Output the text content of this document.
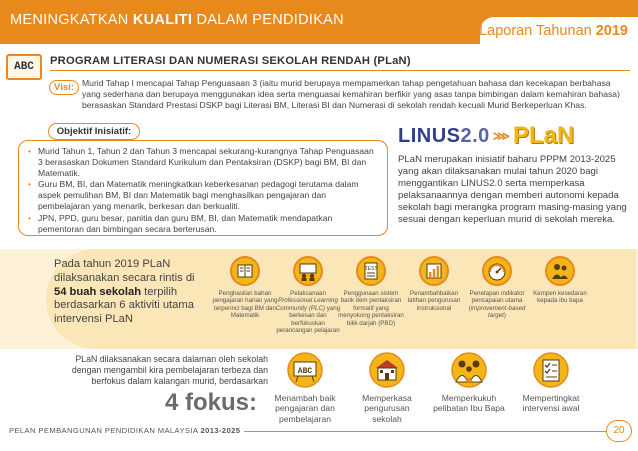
MENINGKATKAN KUALITI DALAM PENDIDIKAN
Laporan Tahunan 2019
ABC	PROGRAM LITERASI DAN NUMERASI SEKOLAH RENDAH (PLaN)
Visi: Murid Tahap I mencapai Tahap Penguasaan 3 (iaitu murid berupaya mempamerkan tahap pengetahuan bahasa dan kecekapan berbahasa yang sederhana dan berupaya menggunakan idea serta menguasai kemahiran berfikir yang asas tanpa bimbingan dalam kemahiran bahasa) berasaskan Standard Prestasi DSKP bagi Literasi BM, Literasi BI dan Numerasi di sekolah rendah kecuali Murid Berkeperluan Khas.
Objektif Inisiatif:
• Murid Tahun 1, Tahun 2 dan Tahun 3 mencapai sekurang-kurangnya Tahap Penguasaan 3 berasaskan Dokumen Standard Kurikulum dan Pentaksiran (DSKP) bagi BM, BI dan Matematik.
• Guru BM, BI, dan Matematik meningkatkan keberkesanan pedagogi terutama dalam aspek pemulihan BM, BI dan Matematik bagi menghasilkan pengajaran dan pembelajaran yang menarik, berkesan dan berkualiti.
• JPN, PPD, guru besar, panitia dan guru BM, BI, dan Matematik mendapatkan pementoran dan bimbingan secara berterusan.
LINUS2.0 ⋙ PLaN
PLaN merupakan inisiatif baharu PPPM 2013-2025 yang akan dilaksanakan mulai tahun 2020 bagi menggantikan LINUS2.0 serta memperkasa pelaksanaannya dengan memberi autonomi kepada sekolah bagi merangka program masing-masing yang sesuai dengan keperluan murid di sekolah mereka.
Pada tahun 2019 PLaN dilaksanakan secara rintis di 54 buah sekolah terpilih berdasarkan 6 aktiviti utama intervensi PLaN
Penghasilan bahan pengajaran harian yang terperinci bagi BM dan Matematik
Pelaksanaan Professional Learning Community (PLC) yang berkesan dan berfokuskan perancangan pelajaran
TEST
Penggunaan sistem bank item pentaksiran formatif yang menyokong pentaksiran bilik darjah (PBD)
Penambahbaikan latihan pengurusan instruksional
Penetapan indikator pencapaian utama (improvement-based target)
Kempen kesedaran kepada ibu bapa
PLaN dilaksanakan secara dalaman oleh sekolah dengan mengambil kira pembelajaran terbeza dan berfokus dalam kalangan murid, berdasarkan
4 fokus:
ABC
Menambah baik pengajaran dan pembelajaran
Memperkasa pengurusan sekolah
Memperkukuh pelibatan Ibu Bapa
Mempertingkat intervensi awal
PELAN PEMBANGUNAN PENDIDIKAN MALAYSIA 2013-2025	20
